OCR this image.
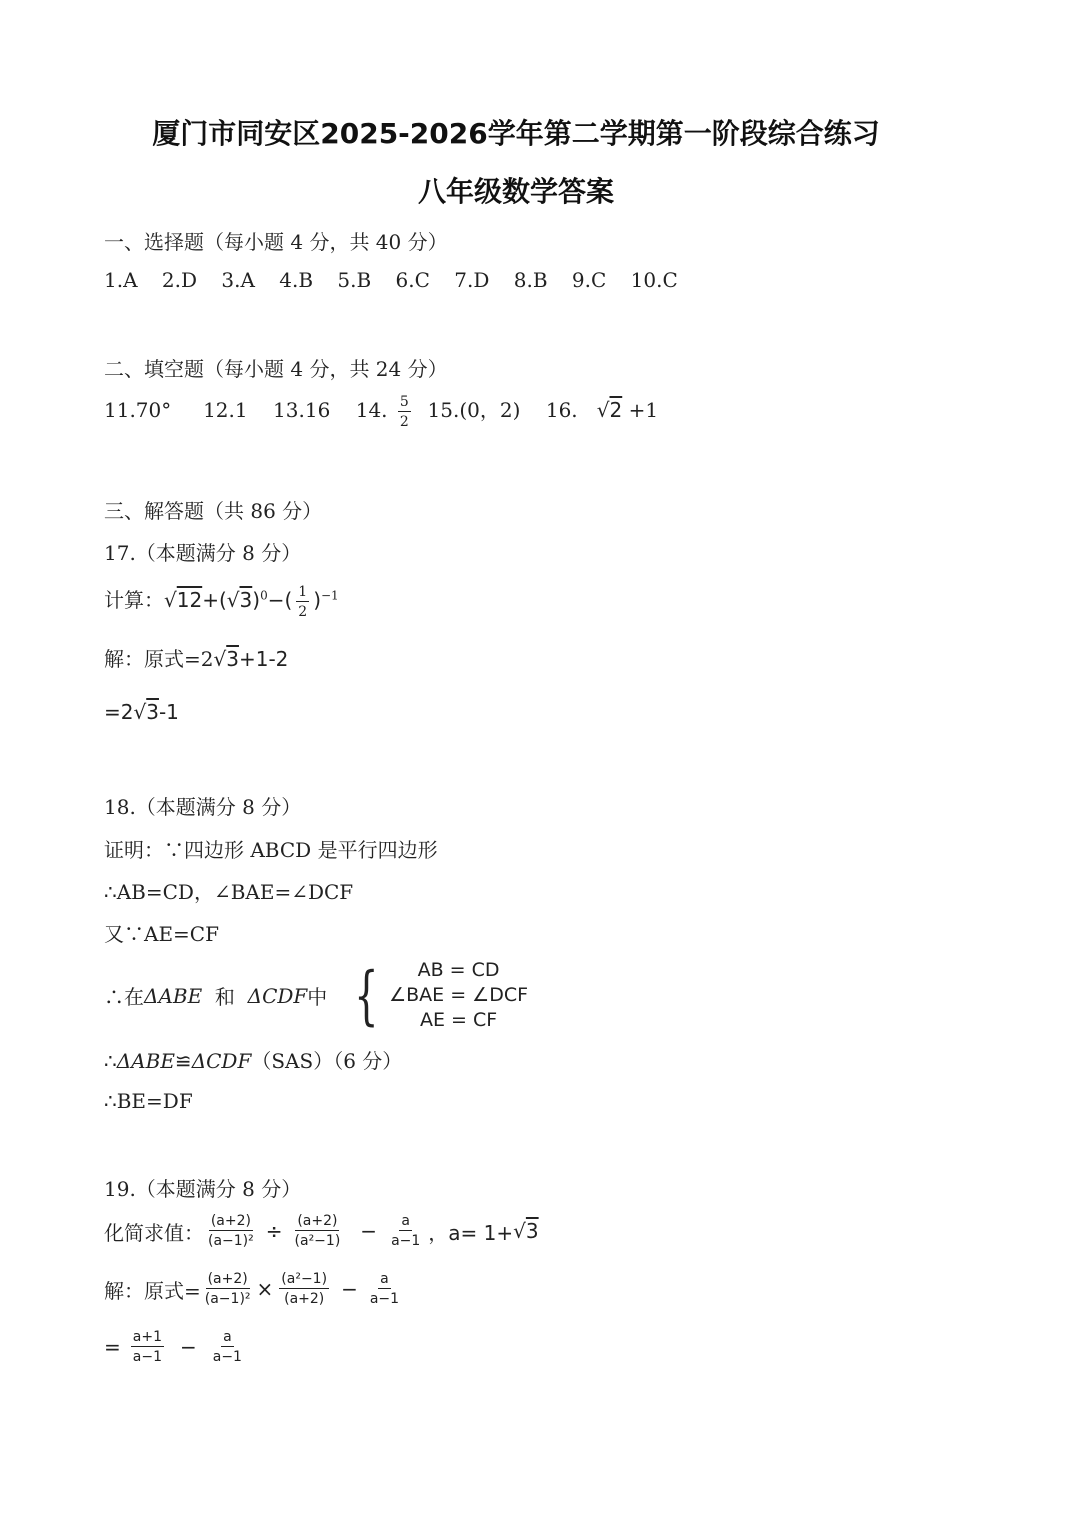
厦门市同安区2025-2026学年第二学期第一阶段综合练习
八年级数学答案
一、选择题（每小题 4 分，共 40 分）
1.A 2.D 3.A 4.B 5.B 6.C 7.D 8.B 9.C 10.C
二、填空题（每小题 4 分，共 24 分）
11.70° 12.1 13.16 14. $\frac{5}{2} 15.(0$，2) 16. √2 +1
三、解答题（共 86 分）
17.（本题满分 8 分）
计算：$√12+(√3)^0-( \frac{1}{2} )^{-1}$
解：原式=2√3+1-2
=2√3-1
18.（本题满分 8 分）
证明：∵四边形 ABCD 是平行四边形
∴AB=CD，∠BAE=∠DCF
又∵AE=CF
∴在 ΔABE
和
ΔCDF 中
{ AB = CD
∠BAE = ∠DCF
AE = CF
∴ΔABE≌ΔCDF（SAS）（6 分）
∴BE=DF
19.（本题满分 8 分）
化简求值： $\frac{(a+2)}{\text{(a−1)²}} \div \frac{(a+2)}{\text{(a²−1)}} - \frac{a}{a-1}$ ，a= 1+ √ 3
解：原式= $\frac{(a+2)}{\text{(a−1)²}} \times \frac{\text{(a²−1)}}{(a+2)} - \frac{a}{a-1}$
= $\frac{a+1}{a-1} - \frac{a}{a-1}$
